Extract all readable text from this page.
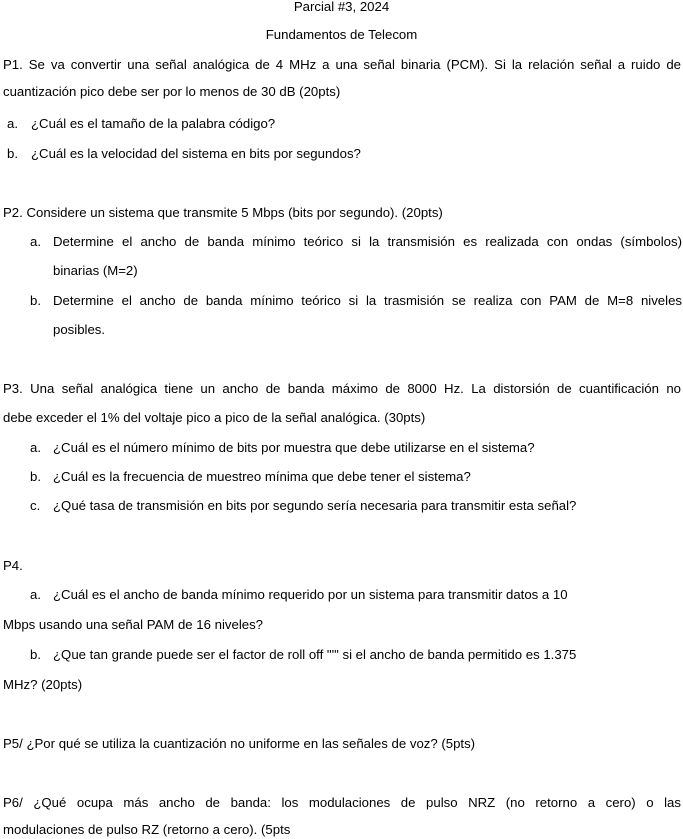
Parcial #3, 2024
Fundamentos de Telecom
P1. Se va convertir una señal analógica de 4 MHz a una señal binaria (PCM). Si la relación señal a ruido de
cuantización pico debe ser por lo menos de 30 dB (20pts)
a. ¿Cuál es el tamaño de la palabra código?
b. ¿Cuál es la velocidad del sistema en bits por segundos?
P2. Considere un sistema que transmite 5 Mbps (bits por segundo). (20pts)
a. Determine el ancho de banda mínimo teórico si la transmisión es realizada con ondas (símbolos)
binarias (M=2)
b. Determine el ancho de banda mínimo teórico si la trasmisión se realiza con PAM de M=8 niveles
posibles.
P3. Una señal analógica tiene un ancho de banda máximo de 8000 Hz. La distorsión de cuantificación no
debe exceder el 1% del voltaje pico a pico de la señal analógica. (30pts)
a. ¿Cuál es el número mínimo de bits por muestra que debe utilizarse en el sistema?
b. ¿Cuál es la frecuencia de muestreo mínima que debe tener el sistema?
c. ¿Qué tasa de transmisión en bits por segundo sería necesaria para transmitir esta señal?
P4.
a. ¿Cuál es el ancho de banda mínimo requerido por un sistema para transmitir datos a 10
Mbps usando una señal PAM de 16 niveles?
b. ¿Que tan grande puede ser el factor de roll off "'" si el ancho de banda permitido es 1.375
MHz? (20pts)
P5/ ¿Por qué se utiliza la cuantización no uniforme en las señales de voz? (5pts)
P6/ ¿Qué ocupa más ancho de banda: los modulaciones de pulso NRZ (no retorno a cero) o las
modulaciones de pulso RZ (retorno a cero). (5pts
